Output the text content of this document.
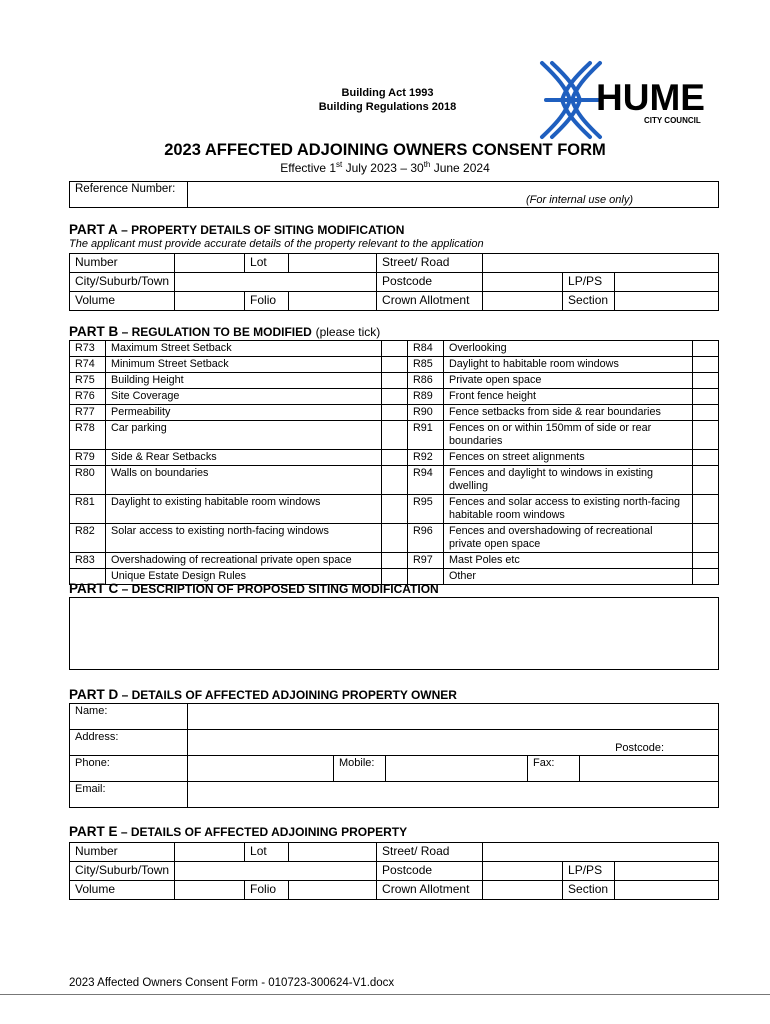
Building Act 1993
Building Regulations 2018	HUME
CITY COUNCIL
2023 AFFECTED ADJOINING OWNERS CONSENT FORM
Effective 1st July 2023 – 30th June 2024
Reference Number:	(For internal use only)
PART A – PROPERTY DETAILS OF SITING MODIFICATION
The applicant must provide accurate details of the property relevant to the application
Number		Lot		Street/ Road			
City/Suburb/Town				Postcode		LP/PS	
Volume		Folio		Crown Allotment		Section	
PART B – REGULATION TO BE MODIFIED (please tick)
R73	Maximum Street Setback		R84	Overlooking	
R74	Minimum Street Setback		R85	Daylight to habitable room windows	
R75	Building Height		R86	Private open space	
R76	Site Coverage		R89	Front fence height	
R77	Permeability		R90	Fence setbacks from side & rear boundaries	
R78	Car parking		R91	Fences on or within 150mm of side or rear boundaries	
R79	Side & Rear Setbacks		R92	Fences on street alignments	
R80	Walls on boundaries		R94	Fences and daylight to windows in existing dwelling	
R81	Daylight to existing habitable room windows		R95	Fences and solar access to existing north-facing habitable room windows	
R82	Solar access to existing north-facing windows		R96	Fences and overshadowing of recreational private open space	
R83	Overshadowing of recreational private open space		R97	Mast Poles etc	
	Unique Estate Design Rules			Other	
PART C – DESCRIPTION OF PROPOSED SITING MODIFICATION
PART D – DETAILS OF AFFECTED ADJOINING PROPERTY OWNER
Name:					
Address:	Postcode:				
Phone:		Mobile:		Fax:	
Email:					
PART E – DETAILS OF AFFECTED ADJOINING PROPERTY
Number		Lot		Street/ Road			
City/Suburb/Town				Postcode		LP/PS	
Volume		Folio		Crown Allotment		Section	
2023 Affected Owners Consent Form - 010723-300624-V1.docx
